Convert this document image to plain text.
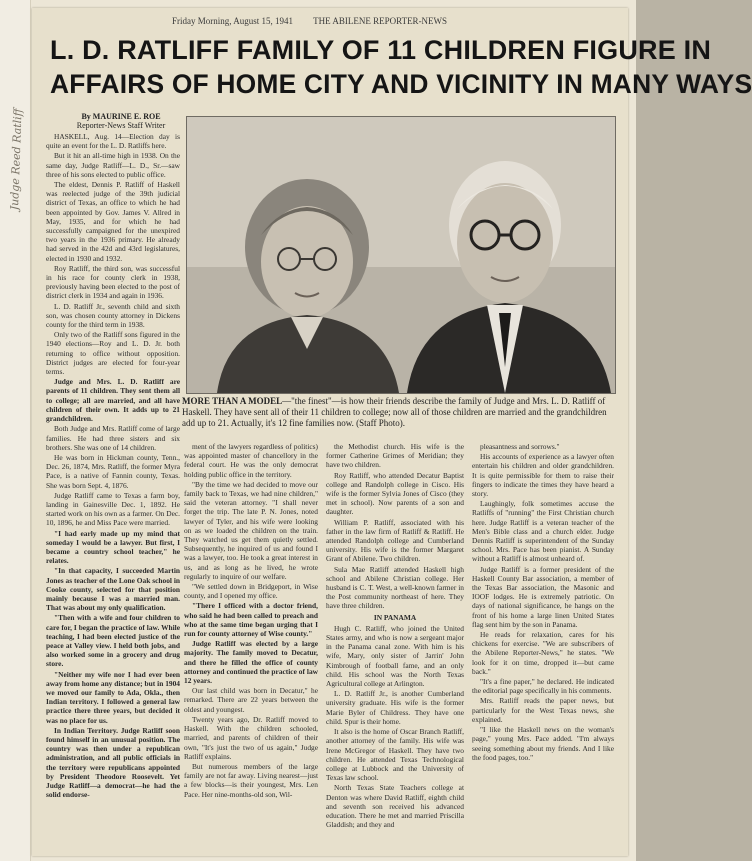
Judge Reed Ratliff
Friday Morning, August 15, 1941 THE ABILENE REPORTER-NEWS
L. D. RATLIFF FAMILY OF 11 CHILDREN FIGURE IN
AFFAIRS OF HOME CITY AND VICINITY IN MANY WAYS
By MAURINE E. ROE
Reporter-News Staff Writer

HASKELL, Aug. 14—Election day is quite an event for the L. D. Ratliffs here.

But it hit an all-time high in 1938. On the same day, Judge Ratliff—L. D., Sr.—saw three of his sons elected to public office.

The eldest, Dennis P. Ratliff of Haskell was reelected judge of the 39th judicial district of Texas, an office to which he had been appointed by Gov. James V. Allred in May, 1935, and for which he had successfully campaigned for the unexpired two years in the 1936 primary. He already had served in the 42d and 43rd legislatures, elected in 1930 and 1932.

Roy Ratliff, the third son, was successful in his race for county clerk in 1938, previously having been elected to the post of district clerk in 1934 and again in 1936.

L. D. Ratliff Jr., seventh child and sixth son, was chosen county attorney in Dickens county for the third term in 1938.

Only two of the Ratliff sons figured in the 1940 elections—Roy and L. D. Jr. both returning to office without opposition. District judges are elected for four-year terms.

Judge and Mrs. L. D. Ratliff are parents of 11 children. They sent them all to college; all are married, and all have children of their own. It adds up to 21 grandchildren.

Both Judge and Mrs. Ratliff come of large families. He had three sisters and six brothers. She was one of 14 children.

He was born in Hickman county, Tenn., Dec. 26, 1874, Mrs. Ratliff, the former Myra Pace, is a native of Fannin county, Texas. She was born Sept. 4, 1876.

Judge Ratliff came to Texas a farm boy, landing in Gainesville Dec. 1, 1892. He started work on his own as a farmer. On Dec. 10, 1896, he and Miss Pace were married.

"I had early made up my mind that someday I would be a lawyer. But first, I became a country school teacher," he relates.

"In that capacity, I succeeded Martin Jones as teacher of the Lone Oak school in Cooke county, selected for that position mainly because I was a married man. That was about my only qualification.

"Then with a wife and four children to care for, I began the practice of law. While teaching, I had been elected justice of the peace at Valley view. I held both jobs, and also worked some in a grocery and drug store.

"Neither my wife nor I had ever been away from home any distance; but in 1904 we moved our family to Ada, Okla., then Indian territory. I followed a general law practice there three years, but decided it was no place for us.

In Indian Territory. Judge Ratliff soon found himself in an unusual position. The country was then under a republican administration, and all public officials in the territory were republicans appointed by President Theodore Roosevelt. Yet Judge Ratliff—a democrat—he had the solid endorse-

MORE THAN A MODEL—"the finest"—is how their friends describe the family of Judge and Mrs. L. D. Ratliff of Haskell. They have sent all of their 11 children to college; now all of those children are married and the grandchildren add up to 21. Actually, it's 12 fine families now. (Staff Photo).

ment of the lawyers regardless of politics) was appointed master of chancellory in the federal court. He was the only democrat holding public office in the territory.

"By the time we had decided to move our family back to Texas, we had nine children," said the veteran attorney. "I shall never forget the trip. The late P. N. Jones, noted lawyer of Tyler, and his wife were looking on as we loaded the children on the train. They watched us get them quietly settled. Subsequently, he inquired of us and found I was a lawyer, too. He took a great interest in us, and as long as he lived, he wrote regularly to inquire of our welfare.

"We settled down in Bridgeport, in Wise county, and I opened my office.

"There I officed with a doctor friend, who said he had been called to preach and who at the same time began urging that I run for county attorney of Wise county."

Judge Ratliff was elected by a large majority. The family moved to Decatur, and there he filled the office of county attorney and continued the practice of law 12 years.

Our last child was born in Decatur," he remarked. There are 22 years between the oldest and youngest.

Twenty years ago, Dr. Ratliff moved to Haskell. With the children schooled, married, and parents of children of their own, "It's just the two of us again," Judge Ratliff explains.

But numerous members of the large family are not far away. Living nearest—just a few blocks—is their youngest, Mrs. Len Pace. Her nine-months-old son, Wil-

the Methodist church. His wife is the former Catherine Grimes of Meridian; they have two children.

Roy Ratliff, who attended Decatur Baptist college and Randolph college in Cisco. His wife is the former Sylvia Jones of Cisco (they met in school). Now parents of a son and daughter.

William P. Ratliff, associated with his father in the law firm of Ratliff & Ratliff. He attended Randolph college and Cumberland university. His wife is the former Margaret Grant of Abilene. Two children.

Sula Mae Ratliff attended Haskell high school and Abilene Christian college. Her husband is C. T. West, a well-known farmer in the Post community northeast of here. They have three children.

IN PANAMA

Hugh C. Ratliff, who joined the United States army, and who is now a sergeant major in the Panama canal zone. With him is his wife, Mary, only sister of Jarrin' John Kimbrough of football fame, and an only child. His school was the North Texas Agricultural college at Arlington.

L. D. Ratliff Jr., is another Cumberland university graduate. His wife is the former Marie Byler of Childress. They have one child. Spur is their home.

It also is the home of Oscar Branch Ratliff, another attorney of the family. His wife was Irene McGregor of Haskell. They have two children. He attended Texas Technological college at Lubbock and the University of Texas law school.

North Texas State Teachers college at Denton was where David Ratliff, eighth child and seventh son received his advanced education. There he met and married Priscilla Gladdish; and they and

pleasantness and sorrows."

His accounts of experience as a lawyer often entertain his children and older grandchildren. It is quite permissible for them to raise their fingers to indicate the times they have heard a story.

Laughingly, folk sometimes accuse the Ratliffs of "running" the First Christian church here. Judge Ratliff is a veteran teacher of the Men's Bible class and a church elder. Judge Dennis Ratliff is superintendent of the Sunday school. Mrs. Pace has been pianist. A Sunday without a Ratliff is almost unheard of.

Judge Ratliff is a former president of the Haskell County Bar association, a member of the Texas Bar association, the Masonic and IOOF lodges. He is extremely patriotic. On days of national significance, he hangs on the front of his home a large linen United States flag sent him by the son in Panama.

He reads for relaxation, cares for his chickens for exercise. "We are subscribers of the Abilene Reporter-News," he states. "We look for it on time, dropped it—but came back."

"It's a fine paper," he declared. He indicated the editorial page specifically in his comments.

Mrs. Ratliff reads the paper news, but particularly for the West Texas news, she explained.

"I like the Haskell news on the woman's page," young Mrs. Pace added. "I'm always seeing something about my friends. And I like the food pages, too."
